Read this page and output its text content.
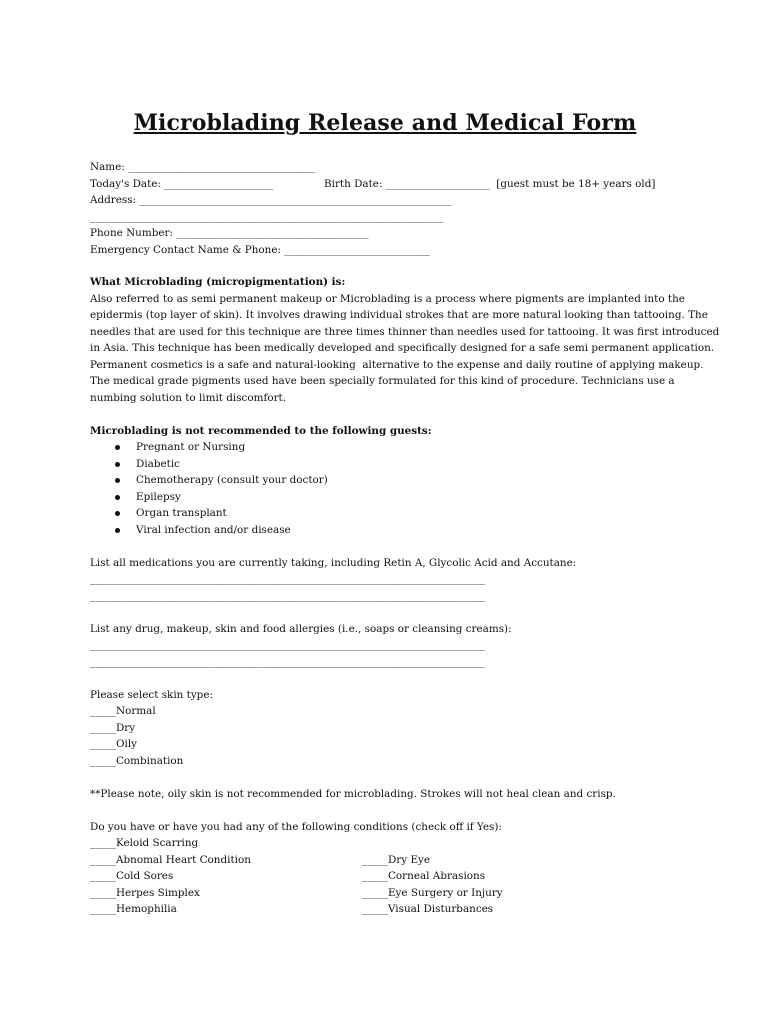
Microblading Release and Medical Form
Name: ____________________________________
Today's Date: _____________________	Birth Date: ____________________  [guest must be 18+ years old]
Address: ____________________________________________________________
____________________________________________________________________
Phone Number: _____________________________________
Emergency Contact Name & Phone: ____________________________
What Microblading (micropigmentation) is:
Also referred to as semi permanent makeup or Microblading is a process where pigments are implanted into the
epidermis (top layer of skin). It involves drawing individual strokes that are more natural looking than tattooing. The
needles that are used for this technique are three times thinner than needles used for tattooing. It was first introduced
in Asia. This technique has been medically developed and specifically designed for a safe semi permanent application.
Permanent cosmetics is a safe and natural-looking  alternative to the expense and daily routine of applying makeup.
The medical grade pigments used have been specially formulated for this kind of procedure. Technicians use a
numbing solution to limit discomfort.
Microblading is not recommended to the following guests:
Pregnant or Nursing
Diabetic
Chemotherapy (consult your doctor)
Epilepsy
Organ transplant
Viral infection and/or disease
List all medications you are currently taking, including Retin A, Glycolic Acid and Accutane:
____________________________________________________________________________
____________________________________________________________________________
List any drug, makeup, skin and food allergies (i.e., soaps or cleansing creams):
____________________________________________________________________________
____________________________________________________________________________
Please select skin type:
_____Normal
_____Dry
_____Oily
_____Combination
**Please note, oily skin is not recommended for microblading. Strokes will not heal clean and crisp.
Do you have or have you had any of the following conditions (check off if Yes):
_____Keloid Scarring
_____Abnomal Heart Condition
_____Cold Sores
_____Herpes Simplex
_____Hemophilia
_____Dry Eye
_____Corneal Abrasions
_____Eye Surgery or Injury
_____Visual Disturbances
